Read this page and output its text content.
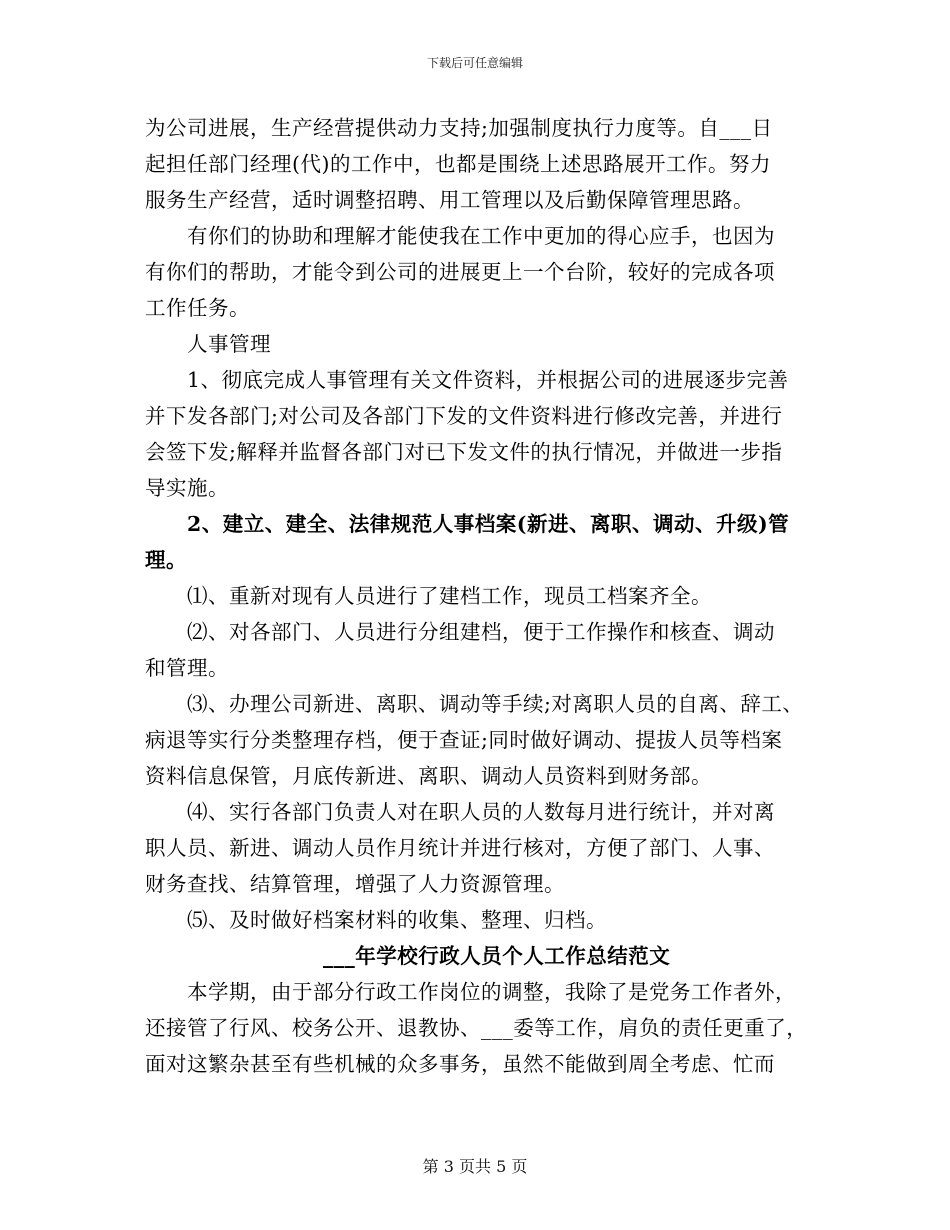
下载后可任意编辑
为公司进展，生产经营提供动力支持;加强制度执行力度等。自___日
起担任部门经理(代)的工作中，也都是围绕上述思路展开工作。努力
服务生产经营，适时调整招聘、用工管理以及后勤保障管理思路。
有你们的协助和理解才能使我在工作中更加的得心应手，也因为
有你们的帮助，才能令到公司的进展更上一个台阶，较好的完成各项
工作任务。
人事管理
1、彻底完成人事管理有关文件资料，并根据公司的进展逐步完善
并下发各部门;对公司及各部门下发的文件资料进行修改完善，并进行
会签下发;解释并监督各部门对已下发文件的执行情况，并做进一步指
导实施。
2、建立、建全、法律规范人事档案(新进、离职、调动、升级)管
理。
⑴、重新对现有人员进行了建档工作，现员工档案齐全。
⑵、对各部门、人员进行分组建档，便于工作操作和核查、调动
和管理。
⑶、办理公司新进、离职、调动等手续;对离职人员的自离、辞工、
病退等实行分类整理存档，便于查证;同时做好调动、提拔人员等档案
资料信息保管，月底传新进、离职、调动人员资料到财务部。
⑷、实行各部门负责人对在职人员的人数每月进行统计，并对离
职人员、新进、调动人员作月统计并进行核对，方便了部门、人事、
财务查找、结算管理，增强了人力资源管理。
⑸、及时做好档案材料的收集、整理、归档。
___年学校行政人员个人工作总结范文
本学期，由于部分行政工作岗位的调整，我除了是党务工作者外，
还接管了行风、校务公开、退教协、___委等工作，肩负的责任更重了，
面对这繁杂甚至有些机械的众多事务，虽然不能做到周全考虑、忙而
第 3 页共 5 页
